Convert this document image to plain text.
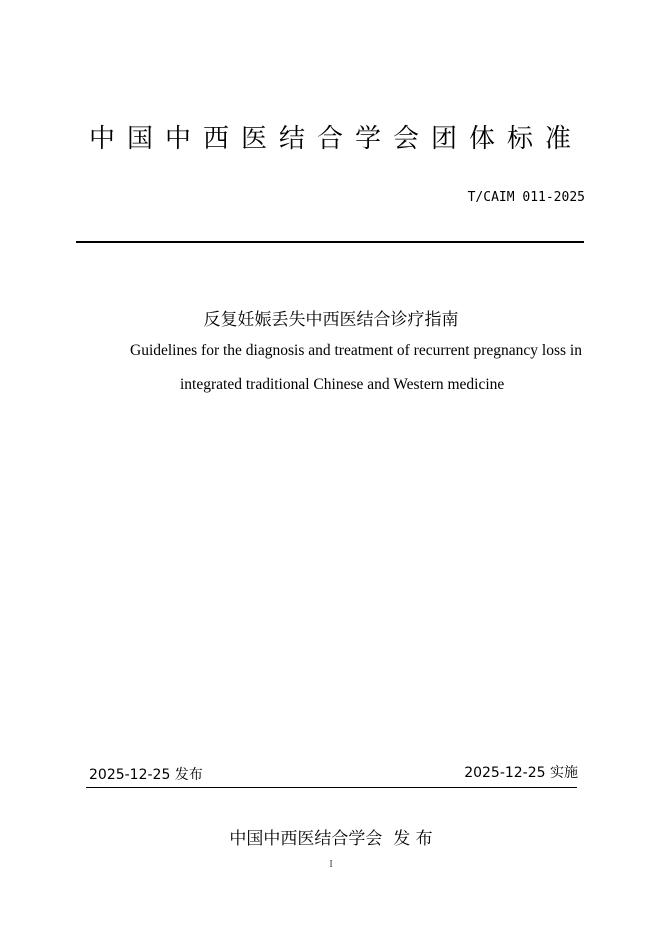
中国中西医结合学会团体标准
T/CAIM 011-2025
反复妊娠丢失中西医结合诊疗指南
Guidelines for the diagnosis and treatment of recurrent pregnancy loss in
integrated traditional Chinese and Western medicine
2025-12-25 发布	2025-12-25 实施
中国中西医结合学会  发 布
I
